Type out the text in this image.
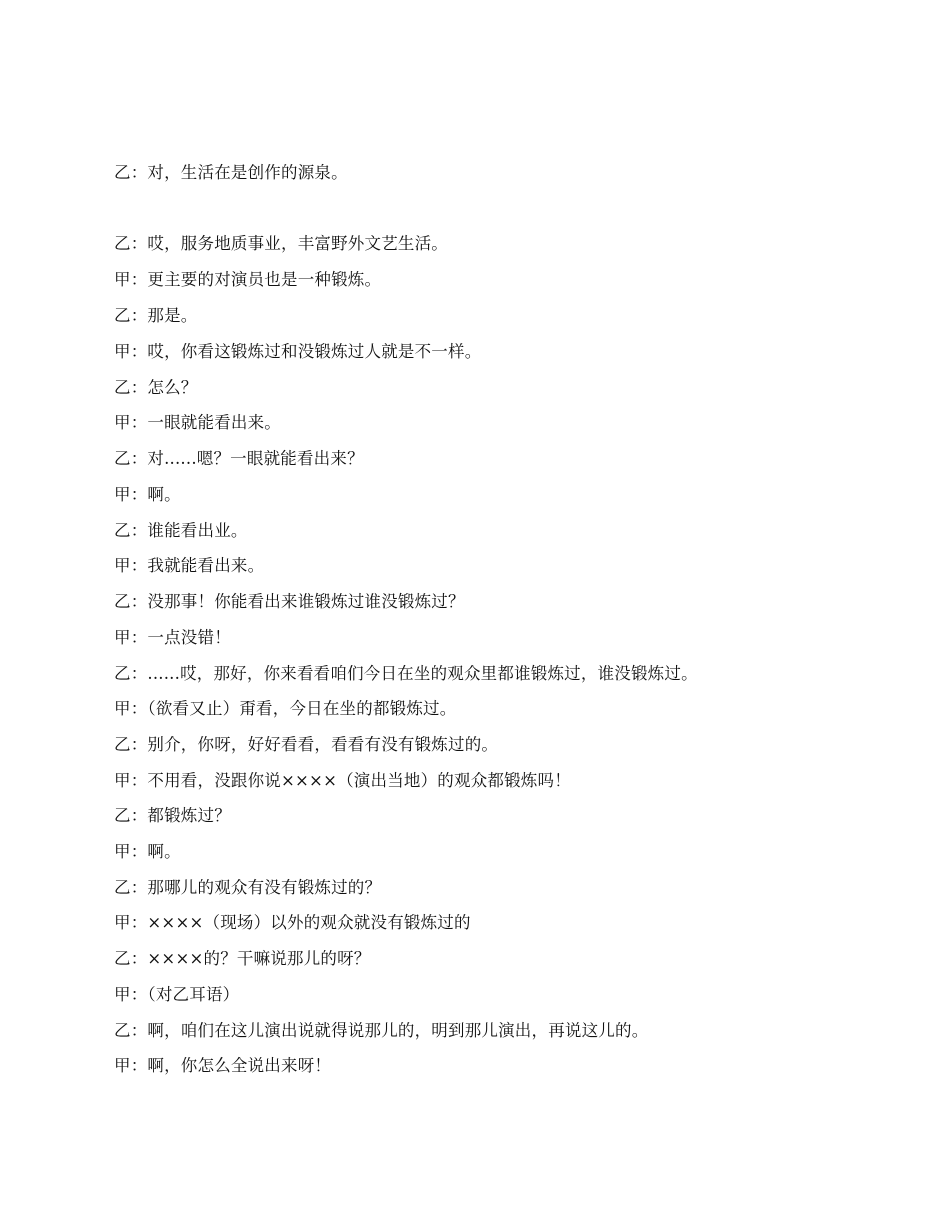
乙：对，生活在是创作的源泉。
乙：哎，服务地质事业，丰富野外文艺生活。
甲：更主要的对演员也是一种锻炼。
乙：那是。
甲：哎，你看这锻炼过和没锻炼过人就是不一样。
乙：怎么？
甲：一眼就能看出来。
乙：对......嗯？一眼就能看出来？
甲：啊。
乙：谁能看出业。
甲：我就能看出来。
乙：没那事！你能看出来谁锻炼过谁没锻炼过？
甲：一点没错！
乙：......哎，那好，你来看看咱们今日在坐的观众里都谁锻炼过，谁没锻炼过。
甲：（欲看又止）甭看，今日在坐的都锻炼过。
乙：别介，你呀，好好看看，看看有没有锻炼过的。
甲：不用看，没跟你说××××（演出当地）的观众都锻炼吗！
乙：都锻炼过？
甲：啊。
乙：那哪儿的观众有没有锻炼过的？
甲：××××（现场）以外的观众就没有锻炼过的
乙：××××的？干嘛说那儿的呀？
甲：（对乙耳语）
乙：啊，咱们在这儿演出说就得说那儿的，明到那儿演出，再说这儿的。
甲：啊，你怎么全说出来呀！
